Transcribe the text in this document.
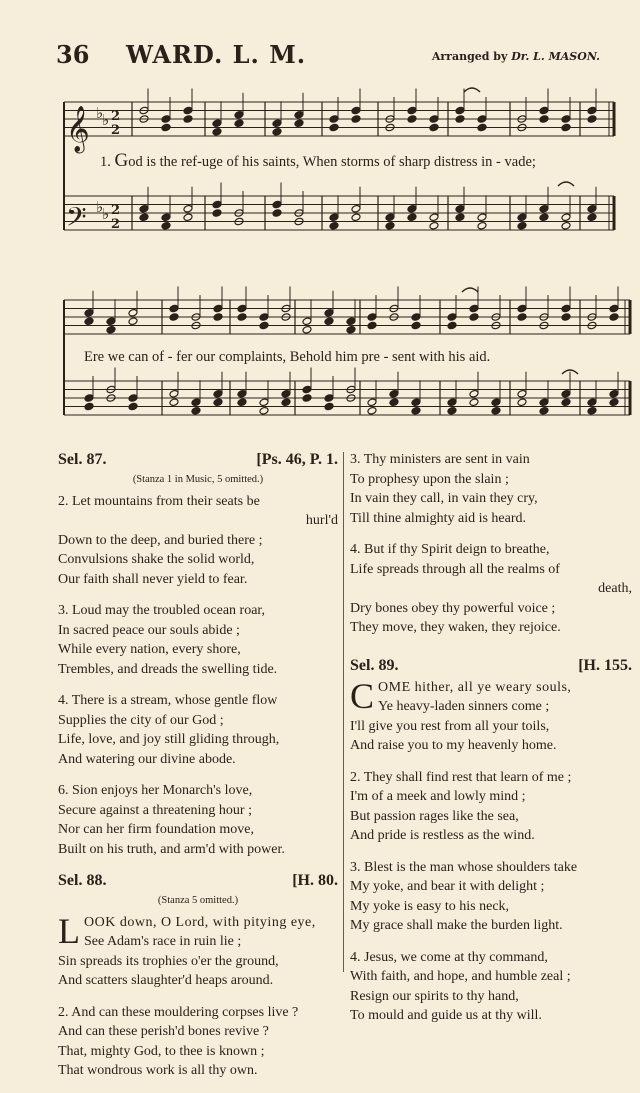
36 WARD. L. M.	Arranged by Dr. L. MASON.
𝄞
𝄢
2
2
2
2
♭
♭
♭
♭
1. God is the ref-uge of his saints, When storms of sharp distress in - vade;
Ere we can of - fer our complaints, Behold him pre - sent with his aid.
Sel. 87.	[Ps. 46, P. 1.
(Stanza 1 in Music, 5 omitted.)
2. Let mountains from their seats be
hurl'd
Down to the deep, and buried there ;
Convulsions shake the solid world,
Our faith shall never yield to fear.
3. Loud may the troubled ocean roar,
In sacred peace our souls abide ;
While every nation, every shore,
Trembles, and dreads the swelling tide.
4. There is a stream, whose gentle flow
Supplies the city of our God ;
Life, love, and joy still gliding through,
And watering our divine abode.
6. Sion enjoys her Monarch's love,
Secure against a threatening hour ;
Nor can her firm foundation move,
Built on his truth, and arm'd with power.
Sel. 88.	[H. 80.
(Stanza 5 omitted.)
L OOK down, O Lord, with pitying eye,
See Adam's race in ruin lie ;
Sin spreads its trophies o'er the ground,
And scatters slaughter'd heaps around.
2. And can these mouldering corpses live ?
And can these perish'd bones revive ?
That, mighty God, to thee is known ;
That wondrous work is all thy own.
3. Thy ministers are sent in vain
To prophesy upon the slain ;
In vain they call, in vain they cry,
Till thine almighty aid is heard.
4. But if thy Spirit deign to breathe,
Life spreads through all the realms of
death,
Dry bones obey thy powerful voice ;
They move, they waken, they rejoice.
Sel. 89.	[H. 155.
C OME hither, all ye weary souls,
Ye heavy-laden sinners come ;
I'll give you rest from all your toils,
And raise you to my heavenly home.
2. They shall find rest that learn of me ;
I'm of a meek and lowly mind ;
But passion rages like the sea,
And pride is restless as the wind.
3. Blest is the man whose shoulders take
My yoke, and bear it with delight ;
My yoke is easy to his neck,
My grace shall make the burden light.
4. Jesus, we come at thy command,
With faith, and hope, and humble zeal ;
Resign our spirits to thy hand,
To mould and guide us at thy will.
